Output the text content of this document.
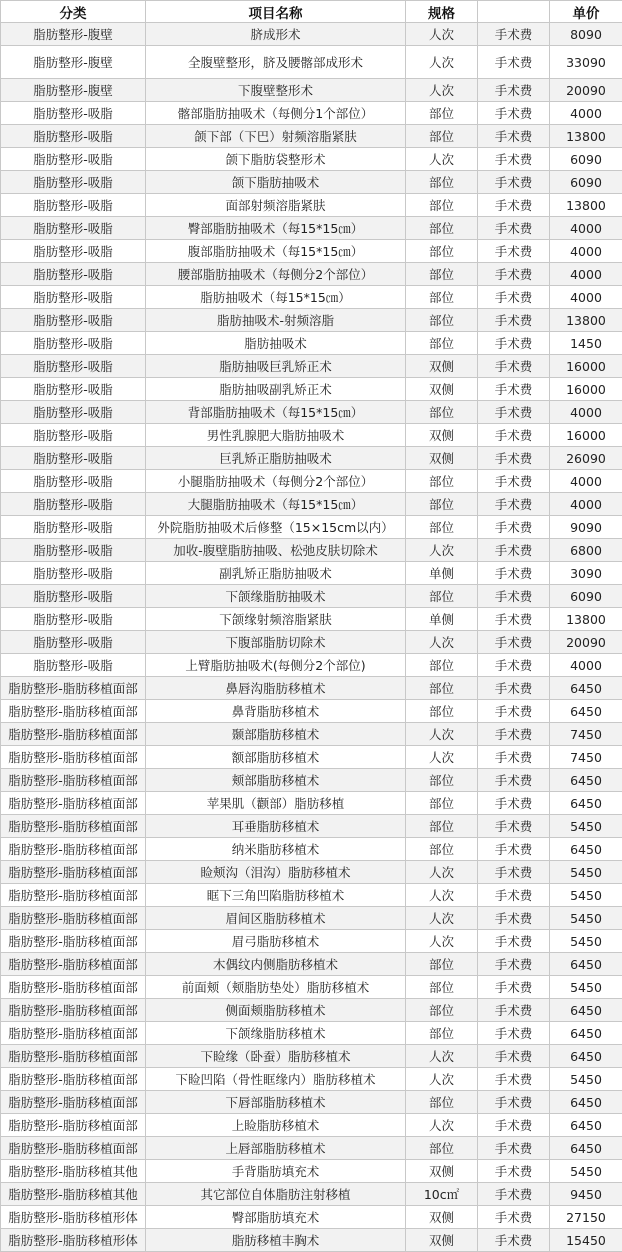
分类	项目名称	规格		单价
脂肪整形-腹壁	脐成形术	人次	手术费	8090
脂肪整形-腹壁	全腹壁整形，脐及腰髂部成形术	人次	手术费	33090
脂肪整形-腹壁	下腹壁整形术	人次	手术费	20090
脂肪整形-吸脂	髂部脂肪抽吸术（每侧分1个部位）	部位	手术费	4000
脂肪整形-吸脂	颌下部（下巴）射频溶脂紧肤	部位	手术费	13800
脂肪整形-吸脂	颌下脂肪袋整形术	人次	手术费	6090
脂肪整形-吸脂	颌下脂肪抽吸术	部位	手术费	6090
脂肪整形-吸脂	面部射频溶脂紧肤	部位	手术费	13800
脂肪整形-吸脂	臀部脂肪抽吸术（每15*15㎝）	部位	手术费	4000
脂肪整形-吸脂	腹部脂肪抽吸术（每15*15㎝）	部位	手术费	4000
脂肪整形-吸脂	腰部脂肪抽吸术（每侧分2个部位）	部位	手术费	4000
脂肪整形-吸脂	脂肪抽吸术（每15*15㎝）	部位	手术费	4000
脂肪整形-吸脂	脂肪抽吸术-射频溶脂	部位	手术费	13800
脂肪整形-吸脂	脂肪抽吸术	部位	手术费	1450
脂肪整形-吸脂	脂肪抽吸巨乳矫正术	双侧	手术费	16000
脂肪整形-吸脂	脂肪抽吸副乳矫正术	双侧	手术费	16000
脂肪整形-吸脂	背部脂肪抽吸术（每15*15㎝）	部位	手术费	4000
脂肪整形-吸脂	男性乳腺肥大脂肪抽吸术	双侧	手术费	16000
脂肪整形-吸脂	巨乳矫正脂肪抽吸术	双侧	手术费	26090
脂肪整形-吸脂	小腿脂肪抽吸术（每侧分2个部位）	部位	手术费	4000
脂肪整形-吸脂	大腿脂肪抽吸术（每15*15㎝）	部位	手术费	4000
脂肪整形-吸脂	外院脂肪抽吸术后修整（15×15cm以内）	部位	手术费	9090
脂肪整形-吸脂	加收-腹壁脂肪抽吸、松弛皮肤切除术	人次	手术费	6800
脂肪整形-吸脂	副乳矫正脂肪抽吸术	单侧	手术费	3090
脂肪整形-吸脂	下颌缘脂肪抽吸术	部位	手术费	6090
脂肪整形-吸脂	下颌缘射频溶脂紧肤	单侧	手术费	13800
脂肪整形-吸脂	下腹部脂肪切除术	人次	手术费	20090
脂肪整形-吸脂	上臂脂肪抽吸术(每侧分2个部位)	部位	手术费	4000
脂肪整形-脂肪移植面部	鼻唇沟脂肪移植术	部位	手术费	6450
脂肪整形-脂肪移植面部	鼻背脂肪移植术	部位	手术费	6450
脂肪整形-脂肪移植面部	颞部脂肪移植术	人次	手术费	7450
脂肪整形-脂肪移植面部	额部脂肪移植术	人次	手术费	7450
脂肪整形-脂肪移植面部	颊部脂肪移植术	部位	手术费	6450
脂肪整形-脂肪移植面部	苹果肌（颧部）脂肪移植	部位	手术费	6450
脂肪整形-脂肪移植面部	耳垂脂肪移植术	部位	手术费	5450
脂肪整形-脂肪移植面部	纳米脂肪移植术	部位	手术费	6450
脂肪整形-脂肪移植面部	睑颊沟（泪沟）脂肪移植术	人次	手术费	5450
脂肪整形-脂肪移植面部	眶下三角凹陷脂肪移植术	人次	手术费	5450
脂肪整形-脂肪移植面部	眉间区脂肪移植术	人次	手术费	5450
脂肪整形-脂肪移植面部	眉弓脂肪移植术	人次	手术费	5450
脂肪整形-脂肪移植面部	木偶纹内侧脂肪移植术	部位	手术费	6450
脂肪整形-脂肪移植面部	前面颊（颊脂肪垫处）脂肪移植术	部位	手术费	5450
脂肪整形-脂肪移植面部	侧面颊脂肪移植术	部位	手术费	6450
脂肪整形-脂肪移植面部	下颌缘脂肪移植术	部位	手术费	6450
脂肪整形-脂肪移植面部	下睑缘（卧蚕）脂肪移植术	人次	手术费	6450
脂肪整形-脂肪移植面部	下睑凹陷（骨性眶缘内）脂肪移植术	人次	手术费	5450
脂肪整形-脂肪移植面部	下唇部脂肪移植术	部位	手术费	6450
脂肪整形-脂肪移植面部	上睑脂肪移植术	人次	手术费	6450
脂肪整形-脂肪移植面部	上唇部脂肪移植术	部位	手术费	6450
脂肪整形-脂肪移植其他	手背脂肪填充术	双侧	手术费	5450
脂肪整形-脂肪移植其他	其它部位自体脂肪注射移植	10c㎡	手术费	9450
脂肪整形-脂肪移植形体	臀部脂肪填充术	双侧	手术费	27150
脂肪整形-脂肪移植形体	脂肪移植丰胸术	双侧	手术费	15450
